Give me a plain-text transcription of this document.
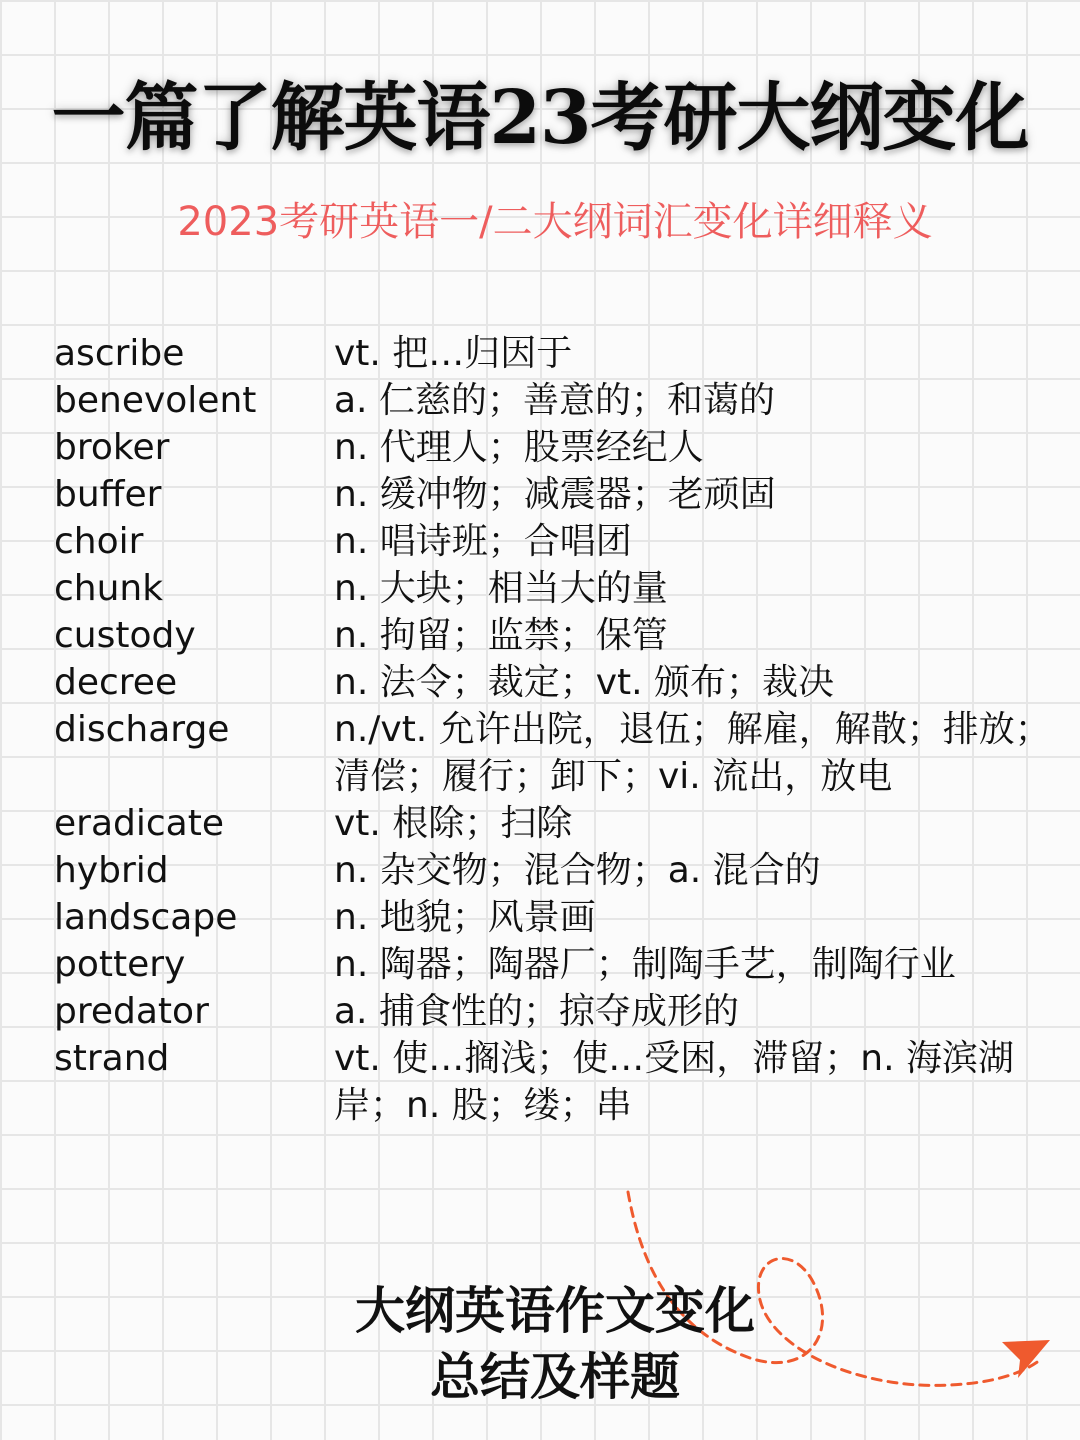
一篇了解英语23考研大纲变化
2023考研英语一/二大纲词汇变化详细释义
ascribe	vt. 把…归因于
benevolent	a. 仁慈的；善意的；和蔼的
broker	n. 代理人；股票经纪人
buffer	n. 缓冲物；减震器；老顽固
choir	n. 唱诗班；合唱团
chunk	n. 大块；相当大的量
custody	n. 拘留；监禁；保管
decree	n. 法令；裁定；vt. 颁布；裁决
discharge	n./vt. 允许出院，退伍；解雇，解散；排放；清偿；履行；卸下；vi. 流出，放电
eradicate	vt. 根除；扫除
hybrid	n. 杂交物；混合物；a. 混合的
landscape	n. 地貌；风景画
pottery	n. 陶器；陶器厂；制陶手艺，制陶行业
predator	a. 捕食性的；掠夺成形的
strand	vt. 使…搁浅；使…受困，滞留；n. 海滨湖岸；n. 股；缕；串
大纲英语作文变化
总结及样题
